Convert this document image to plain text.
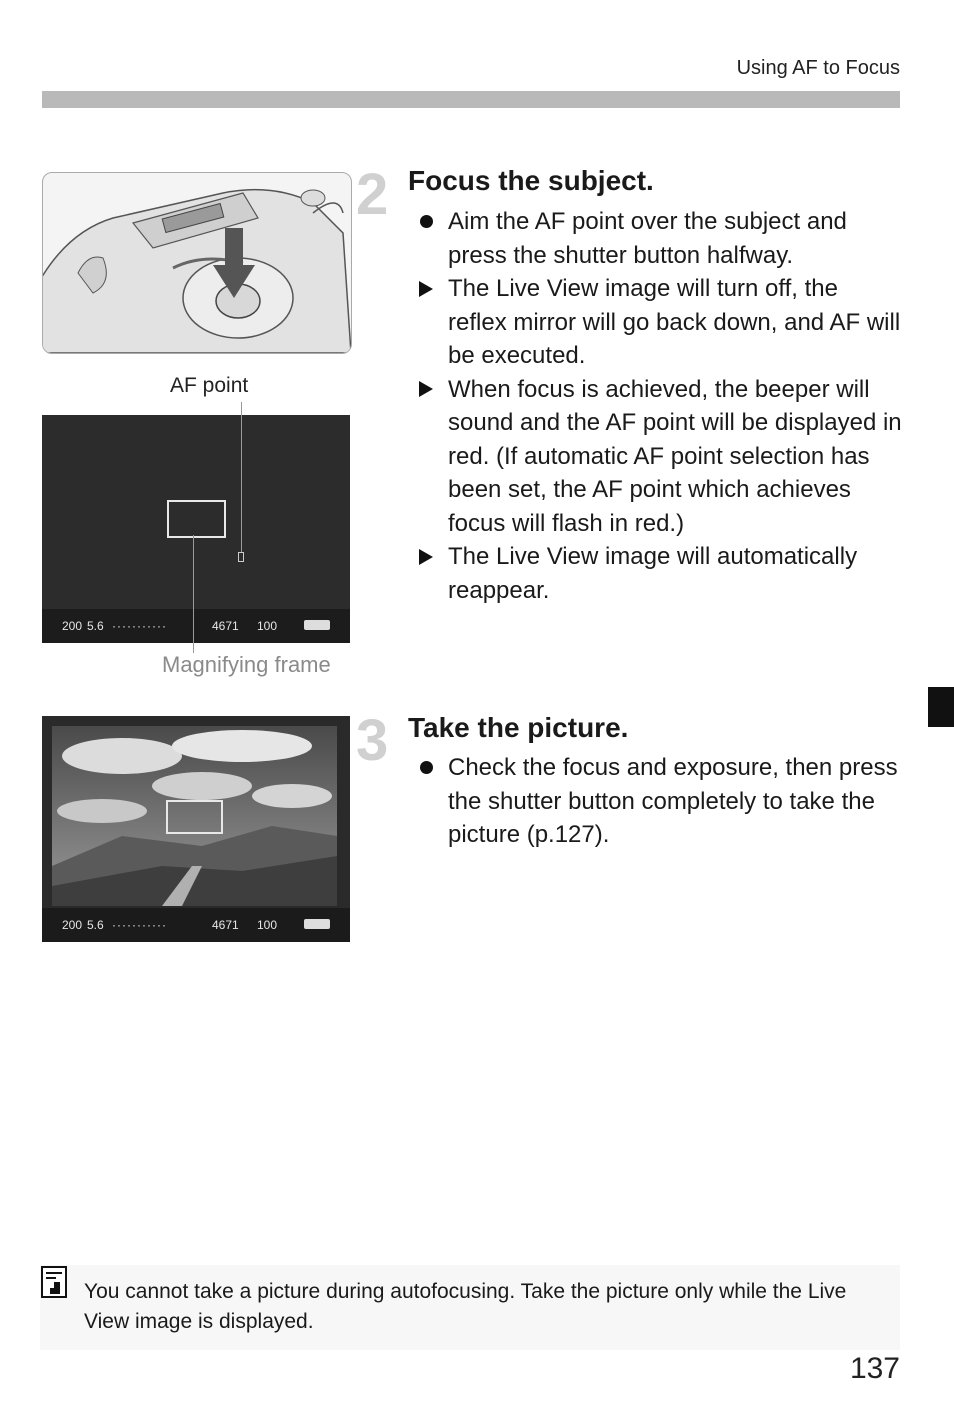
Using AF to Focus
AF point
200 5.6 ···········	4671 100
Magnifying frame
200 5.6 ···········	4671 100
2 Focus the subject.
Aim the AF point over the subject and press the shutter button halfway.
The Live View image will turn off, the reflex mirror will go back down, and AF will be executed.
When focus is achieved, the beeper will sound and the AF point will be displayed in red. (If automatic AF point selection has been set, the AF point which achieves focus will flash in red.)
The Live View image will automatically reappear.
3 Take the picture.
Check the focus and exposure, then press the shutter button completely to take the picture (p.127).
You cannot take a picture during autofocusing. Take the picture only while the Live View image is displayed.
137
